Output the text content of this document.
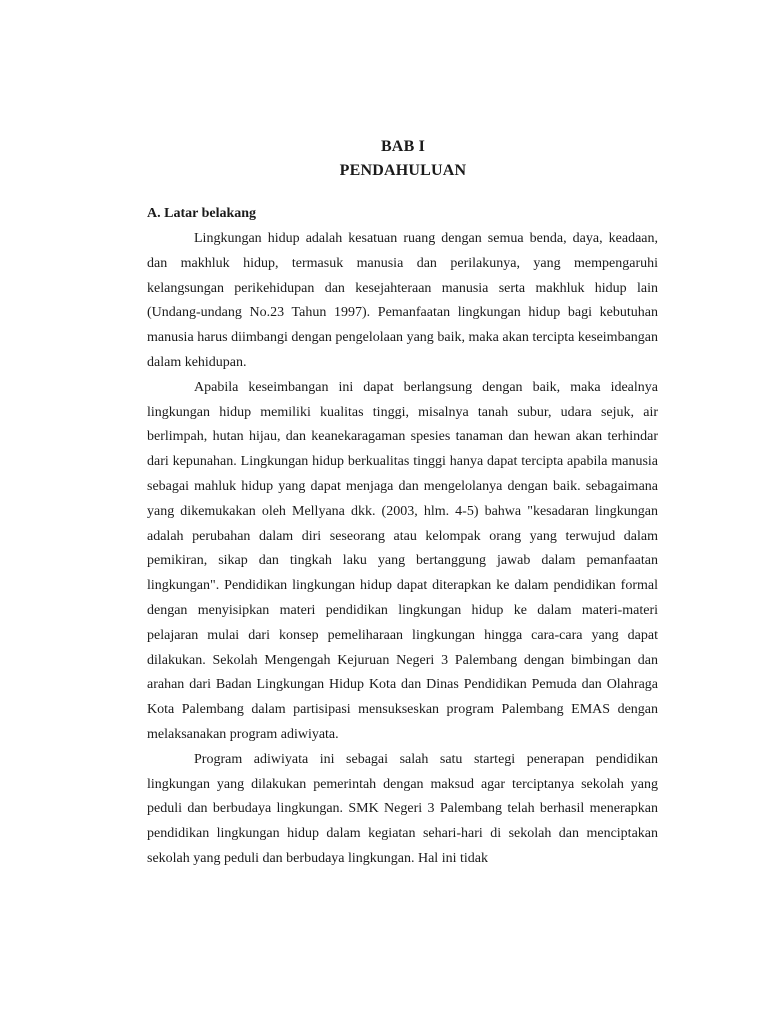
BAB I
PENDAHULUAN
A. Latar belakang

Lingkungan hidup adalah kesatuan ruang dengan semua benda, daya, keadaan, dan makhluk hidup, termasuk manusia dan perilakunya, yang mempengaruhi kelangsungan perikehidupan dan kesejahteraan manusia serta makhluk hidup lain (Undang-undang No.23 Tahun 1997). Pemanfaatan lingkungan hidup bagi kebutuhan manusia harus diimbangi dengan pengelolaan yang baik, maka akan tercipta keseimbangan dalam kehidupan.

Apabila keseimbangan ini dapat berlangsung dengan baik, maka idealnya lingkungan hidup memiliki kualitas tinggi, misalnya tanah subur, udara sejuk, air berlimpah, hutan hijau, dan keanekaragaman spesies tanaman dan hewan akan terhindar dari kepunahan. Lingkungan hidup berkualitas tinggi hanya dapat tercipta apabila manusia sebagai mahluk hidup yang dapat menjaga dan mengelolanya dengan baik. sebagaimana yang dikemukakan oleh Mellyana dkk. (2003, hlm. 4-5) bahwa "kesadaran lingkungan adalah perubahan dalam diri seseorang atau kelompak orang yang terwujud dalam pemikiran, sikap dan tingkah laku yang bertanggung jawab dalam pemanfaatan lingkungan". Pendidikan lingkungan hidup dapat diterapkan ke dalam pendidikan formal dengan menyisipkan materi pendidikan lingkungan hidup ke dalam materi-materi pelajaran mulai dari konsep pemeliharaan lingkungan hingga cara-cara yang dapat dilakukan. Sekolah Mengengah Kejuruan Negeri 3 Palembang dengan bimbingan dan arahan dari Badan Lingkungan Hidup Kota dan Dinas Pendidikan Pemuda dan Olahraga Kota Palembang dalam partisipasi mensukseskan program Palembang EMAS dengan melaksanakan program adiwiyata.

Program adiwiyata ini sebagai salah satu startegi penerapan pendidikan lingkungan yang dilakukan pemerintah dengan maksud agar terciptanya sekolah yang peduli dan berbudaya lingkungan. SMK Negeri 3 Palembang telah berhasil menerapkan pendidikan lingkungan hidup dalam kegiatan sehari-hari di sekolah dan menciptakan sekolah yang peduli dan berbudaya lingkungan. Hal ini tidak
